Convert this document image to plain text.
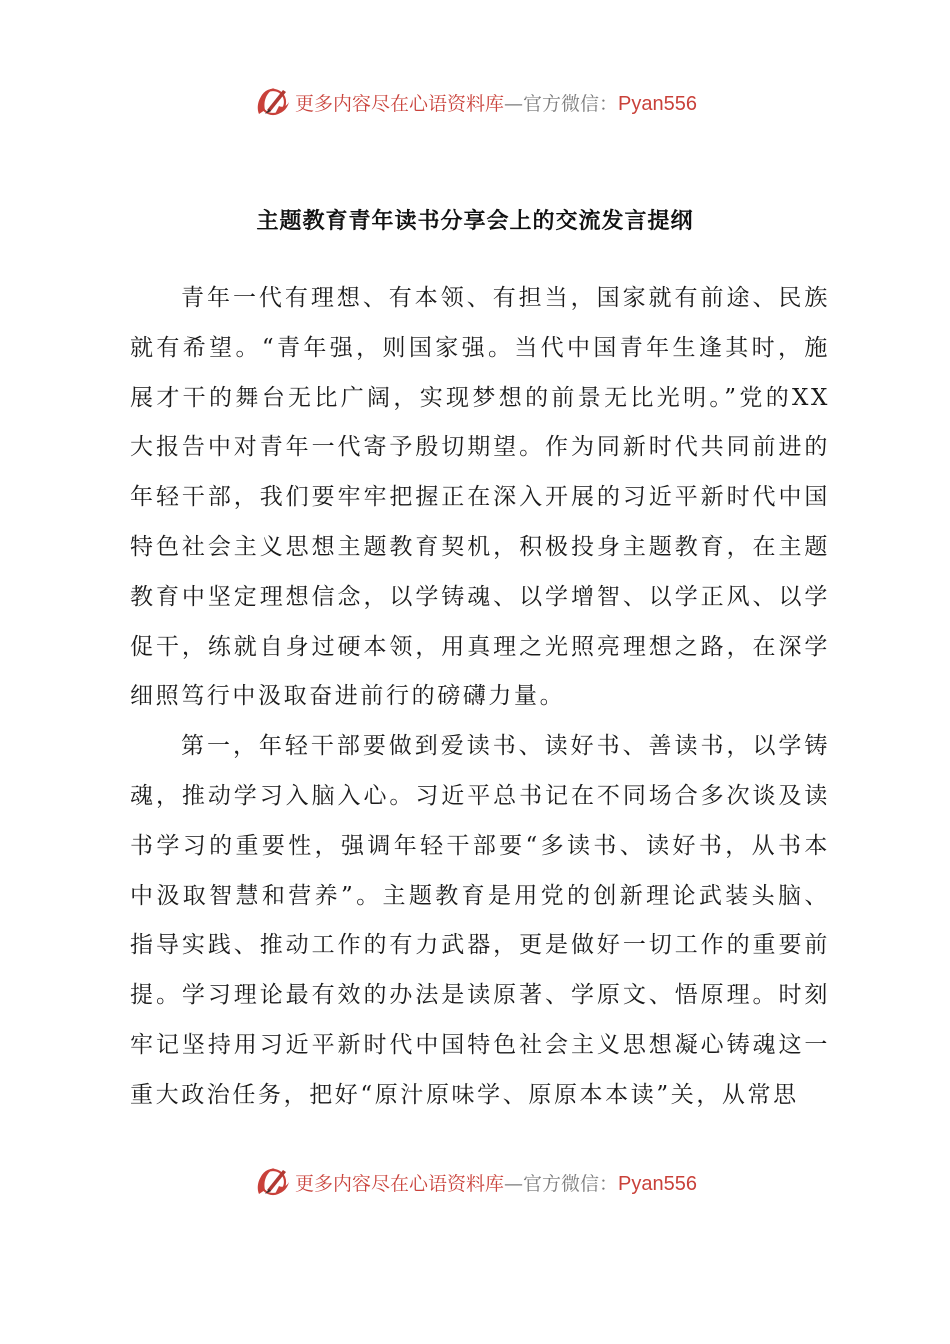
更多内容尽在心语资料库—官方微信：Pyan556
主题教育青年读书分享会上的交流发言提纲

青年一代有理想、有本领、有担当，国家就有前途、民族就有希望。“青年强，则国家强。当代中国青年生逢其时，施展才干的舞台无比广阔，实现梦想的前景无比光明。”党的XX大报告中对青年一代寄予殷切期望。作为同新时代共同前进的年轻干部，我们要牢牢把握正在深入开展的习近平新时代中国特色社会主义思想主题教育契机，积极投身主题教育，在主题教育中坚定理想信念，以学铸魂、以学增智、以学正风、以学促干，练就自身过硬本领，用真理之光照亮理想之路，在深学细照笃行中汲取奋进前行的磅礴力量。

第一，年轻干部要做到爱读书、读好书、善读书，以学铸魂，推动学习入脑入心。习近平总书记在不同场合多次谈及读书学习的重要性，强调年轻干部要“多读书、读好书，从书本中汲取智慧和营养”。主题教育是用党的创新理论武装头脑、指导实践、推动工作的有力武器，更是做好一切工作的重要前提。学习理论最有效的办法是读原著、学原文、悟原理。时刻牢记坚持用习近平新时代中国特色社会主义思想凝心铸魂这一重大政治任务，把好“原汁原味学、原原本本读”关，从常思

更多内容尽在心语资料库—官方微信：Pyan556
